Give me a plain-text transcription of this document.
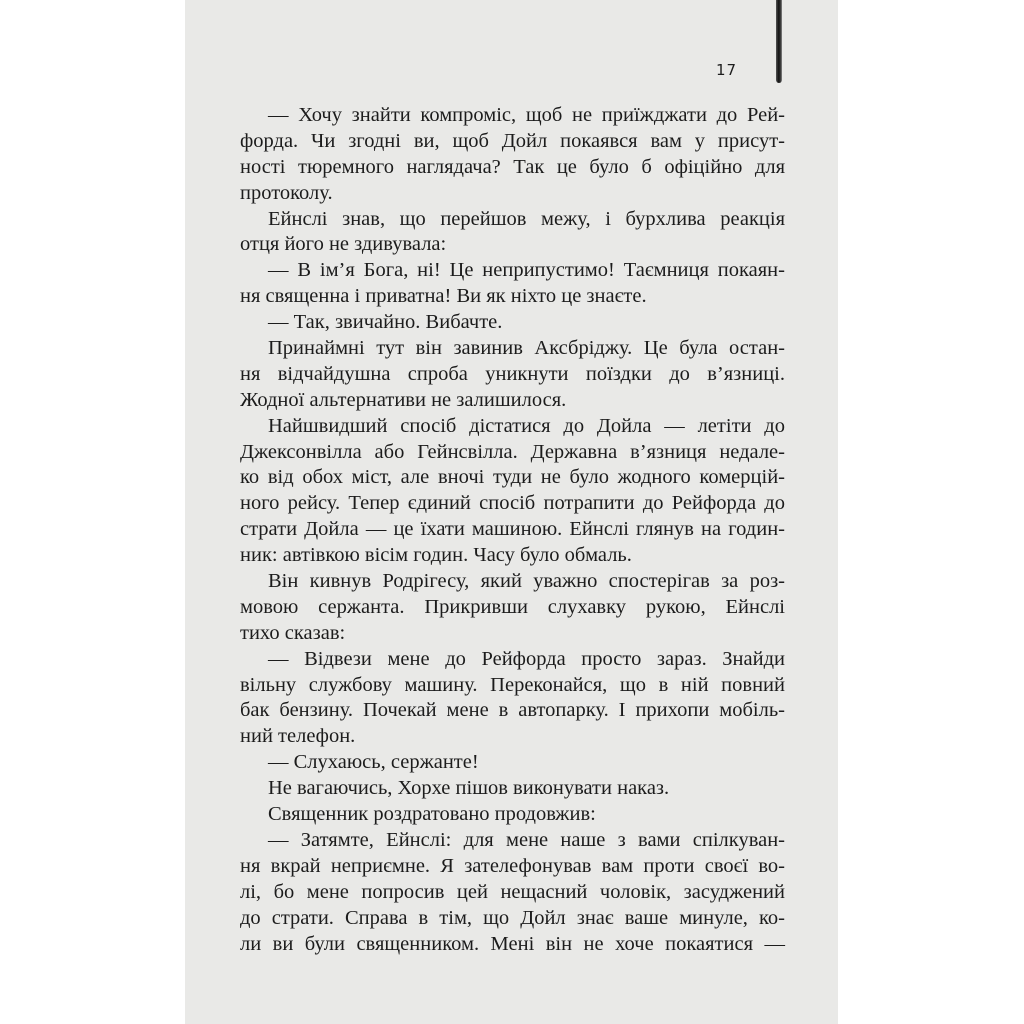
17
— Хочу знайти компроміс, щоб не приїжджати до Рей-
форда. Чи згодні ви, щоб Дойл покаявся вам у присут-
ності тюремного наглядача? Так це було б офіційно для
протоколу.
Ейнслі знав, що перейшов межу, і бурхлива реакція
отця його не здивувала:
— В ім’я Бога, ні! Це неприпустимо! Таємниця покаян-
ня священна і приватна! Ви як ніхто це знаєте.
— Так, звичайно. Вибачте.
Принаймні тут він завинив Аксбріджу. Це була остан-
ня відчайдушна спроба уникнути поїздки до в’язниці.
Жодної альтернативи не залишилося.
Найшвидший спосіб дістатися до Дойла — летіти до
Джексонвілла або Гейнсвілла. Державна в’язниця недале-
ко від обох міст, але вночі туди не було жодного комерцій-
ного рейсу. Тепер єдиний спосіб потрапити до Рейфорда до
страти Дойла — це їхати машиною. Ейнслі глянув на годин-
ник: автівкою вісім годин. Часу було обмаль.
Він кивнув Родрігесу, який уважно спостерігав за роз-
мовою сержанта. Прикривши слухавку рукою, Ейнслі
тихо сказав:
— Відвези мене до Рейфорда просто зараз. Знайди
вільну службову машину. Переконайся, що в ній повний
бак бензину. Почекай мене в автопарку. І прихопи мобіль-
ний телефон.
— Слухаюсь, сержанте!
Не вагаючись, Хорхе пішов виконувати наказ.
Священник роздратовано продовжив:
— Затямте, Ейнслі: для мене наше з вами спілкуван-
ня вкрай неприємне. Я зателефонував вам проти своєї во-
лі, бо мене попросив цей нещасний чоловік, засуджений
до страти. Справа в тім, що Дойл знає ваше минуле, ко-
ли ви були священником. Мені він не хоче покаятися —
